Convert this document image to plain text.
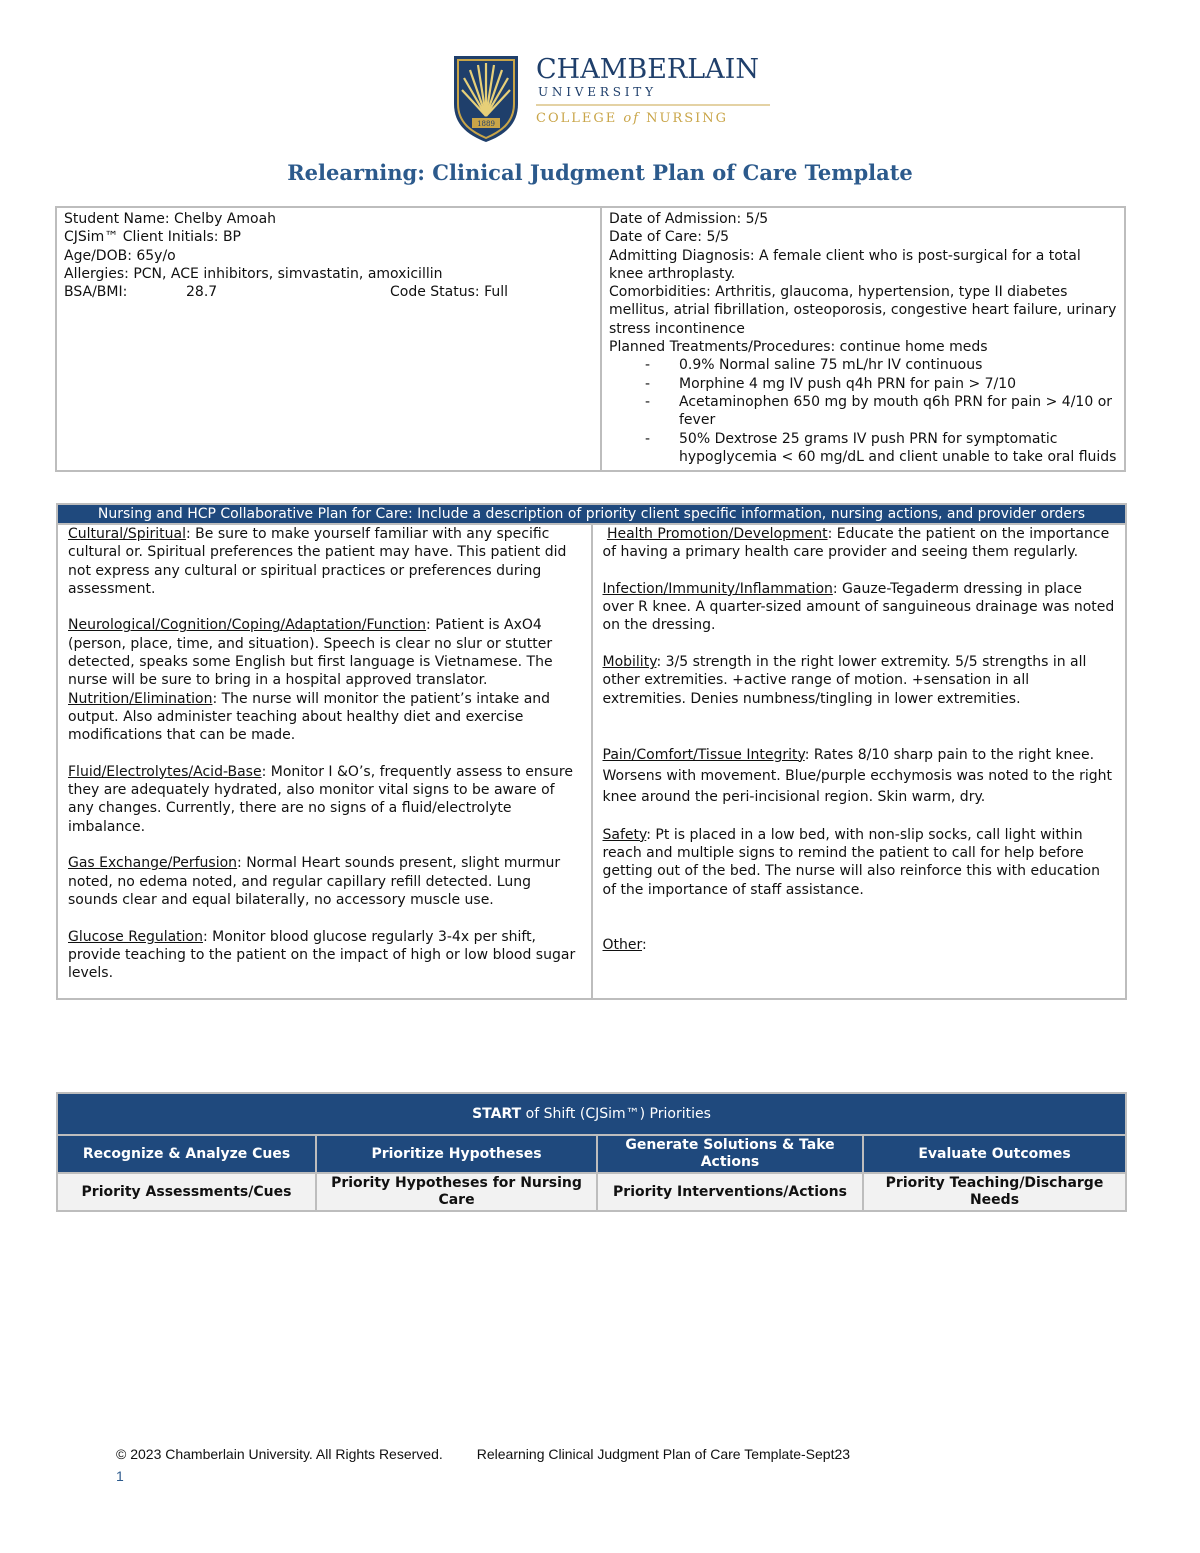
1889
CHAMBERLAIN
U N I V E R S I T Y
COLLEGE of NURSING
Relearning: Clinical Judgment Plan of Care Template
Student Name: Chelby Amoah
CJSim™ Client Initials: BP
Age/DOB: 65y/o
Allergies: PCN, ACE inhibitors, simvastatin, amoxicillin
BSA/BMI:	28.7	Code Status: Full

Date of Admission: 5/5
Date of Care: 5/5
Admitting Diagnosis: A female client who is post-surgical for a total knee arthroplasty.
Comorbidities: Arthritis, glaucoma, hypertension, type II diabetes mellitus, atrial fibrillation, osteoporosis, congestive heart failure, urinary stress incontinence
Planned Treatments/Procedures: continue home meds
- 0.9% Normal saline 75 mL/hr IV continuous
- Morphine 4 mg IV push q4h PRN for pain > 7/10
- Acetaminophen 650 mg by mouth q6h PRN for pain > 4/10 or fever
- 50% Dextrose 25 grams IV push PRN for symptomatic hypoglycemia < 60 mg/dL and client unable to take oral fluids
Nursing and HCP Collaborative Plan for Care: Include a description of priority client specific information, nursing actions, and provider orders

Cultural/Spiritual: Be sure to make yourself familiar with any specific cultural or. Spiritual preferences the patient may have. This patient did not express any cultural or spiritual practices or preferences during assessment.

Neurological/Cognition/Coping/Adaptation/Function: Patient is AxO4 (person, place, time, and situation). Speech is clear no slur or stutter detected, speaks some English but first language is Vietnamese. The nurse will be sure to bring in a hospital approved translator.

Nutrition/Elimination: The nurse will monitor the patient’s intake and output. Also administer teaching about healthy diet and exercise modifications that can be made.

Fluid/Electrolytes/Acid-Base: Monitor I &O’s, frequently assess to ensure they are adequately hydrated, also monitor vital signs to be aware of any changes. Currently, there are no signs of a fluid/electrolyte imbalance.

Gas Exchange/Perfusion: Normal Heart sounds present, slight murmur noted, no edema noted, and regular capillary refill detected. Lung sounds clear and equal bilaterally, no accessory muscle use.

Glucose Regulation: Monitor blood glucose regularly 3-4x per shift, provide teaching to the patient on the impact of high or low blood sugar levels.

Health Promotion/Development: Educate the patient on the importance of having a primary health care provider and seeing them regularly.

Infection/Immunity/Inflammation: Gauze-Tegaderm dressing in place over R knee. A quarter-sized amount of sanguineous drainage was noted on the dressing.

Mobility: 3/5 strength in the right lower extremity. 5/5 strengths in all other extremities. +active range of motion. +sensation in all extremities. Denies numbness/tingling in lower extremities.

Pain/Comfort/Tissue Integrity: Rates 8/10 sharp pain to the right knee. Worsens with movement. Blue/purple ecchymosis was noted to the right knee around the peri-incisional region. Skin warm, dry.

Safety: Pt is placed in a low bed, with non-slip socks, call light within reach and multiple signs to remind the patient to call for help before getting out of the bed. The nurse will also reinforce this with education of the importance of staff assistance.

Other:

START of Shift (CJSim™) Priorities			
Recognize & Analyze Cues	Prioritize Hypotheses	Generate Solutions & Take Actions	Evaluate Outcomes
Priority Assessments/Cues	Priority Hypotheses for Nursing Care	Priority Interventions/Actions	Priority Teaching/Discharge Needs
© 2023 Chamberlain University. All Rights Reserved. Relearning Clinical Judgment Plan of Care Template-Sept23
1
